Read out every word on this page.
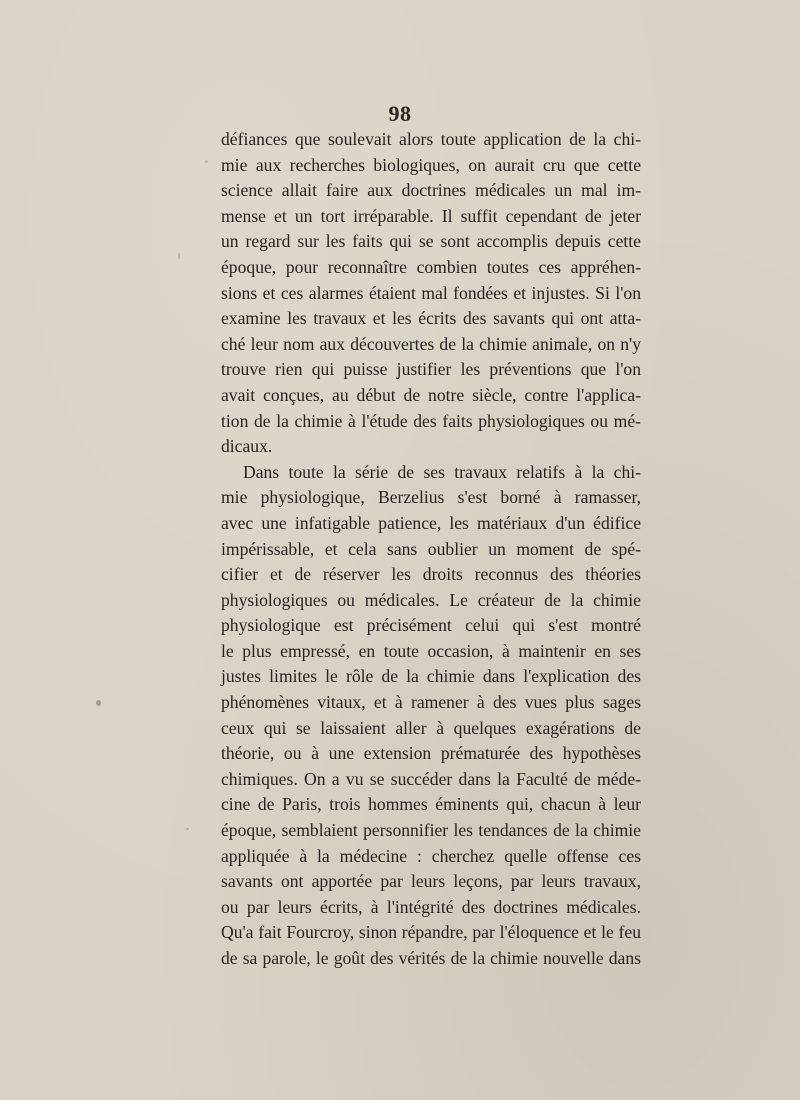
98
défiances que soulevait alors toute application de la chi-
mie aux recherches biologiques, on aurait cru que cette
science allait faire aux doctrines médicales un mal im-
mense et un tort irréparable. Il suffit cependant de jeter
un regard sur les faits qui se sont accomplis depuis cette
époque, pour reconnaître combien toutes ces appréhen-
sions et ces alarmes étaient mal fondées et injustes. Si l'on
examine les travaux et les écrits des savants qui ont atta-
ché leur nom aux découvertes de la chimie animale, on n'y
trouve rien qui puisse justifier les préventions que l'on
avait conçues, au début de notre siècle, contre l'applica-
tion de la chimie à l'étude des faits physiologiques ou mé-
dicaux.
Dans toute la série de ses travaux relatifs à la chi-
mie physiologique, Berzelius s'est borné à ramasser,
avec une infatigable patience, les matériaux d'un édifice
impérissable, et cela sans oublier un moment de spé-
cifier et de réserver les droits reconnus des théories
physiologiques ou médicales. Le créateur de la chimie
physiologique est précisément celui qui s'est montré
le plus empressé, en toute occasion, à maintenir en ses
justes limites le rôle de la chimie dans l'explication des
phénomènes vitaux, et à ramener à des vues plus sages
ceux qui se laissaient aller à quelques exagérations de
théorie, ou à une extension prématurée des hypothèses
chimiques. On a vu se succéder dans la Faculté de méde-
cine de Paris, trois hommes éminents qui, chacun à leur
époque, semblaient personnifier les tendances de la chimie
appliquée à la médecine : cherchez quelle offense ces
savants ont apportée par leurs leçons, par leurs travaux,
ou par leurs écrits, à l'intégrité des doctrines médicales.
Qu'a fait Fourcroy, sinon répandre, par l'éloquence et le feu
de sa parole, le goût des vérités de la chimie nouvelle dans
